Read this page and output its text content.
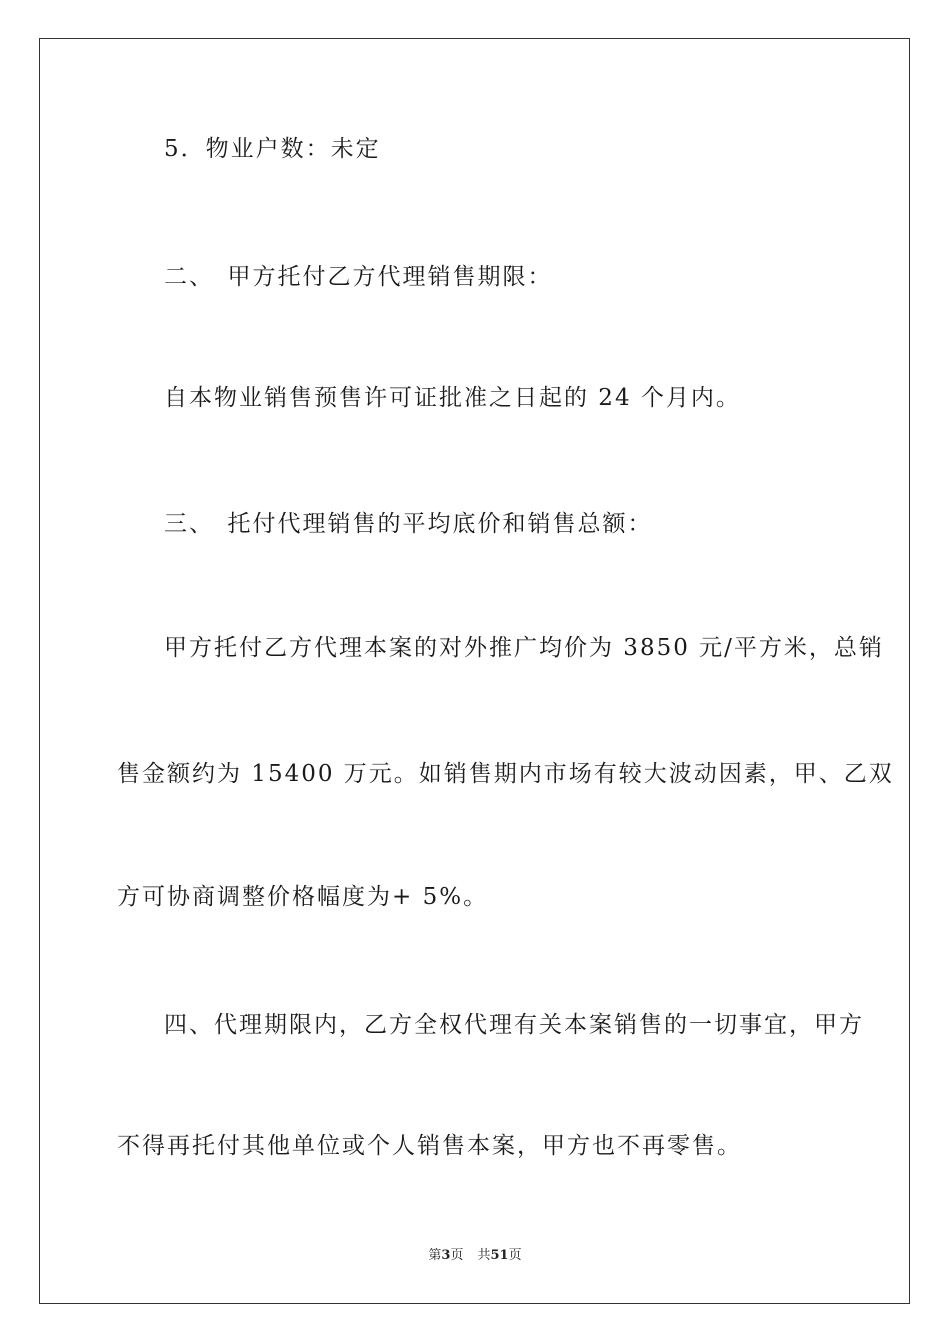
5．物业户数：未定
二、　甲方托付乙方代理销售期限：
自本物业销售预售许可证批准之日起的 24 个月内。
三、　托付代理销售的平均底价和销售总额：
甲方托付乙方代理本案的对外推广均价为 3850 元/平方米，总销
售金额约为 15400 万元。如销售期内市场有较大波动因素，甲、乙双
方可协商调整价格幅度为+ 5%。
四、代理期限内，乙方全权代理有关本案销售的一切事宜，甲方
不得再托付其他单位或个人销售本案，甲方也不再零售。
第3页 共51页
